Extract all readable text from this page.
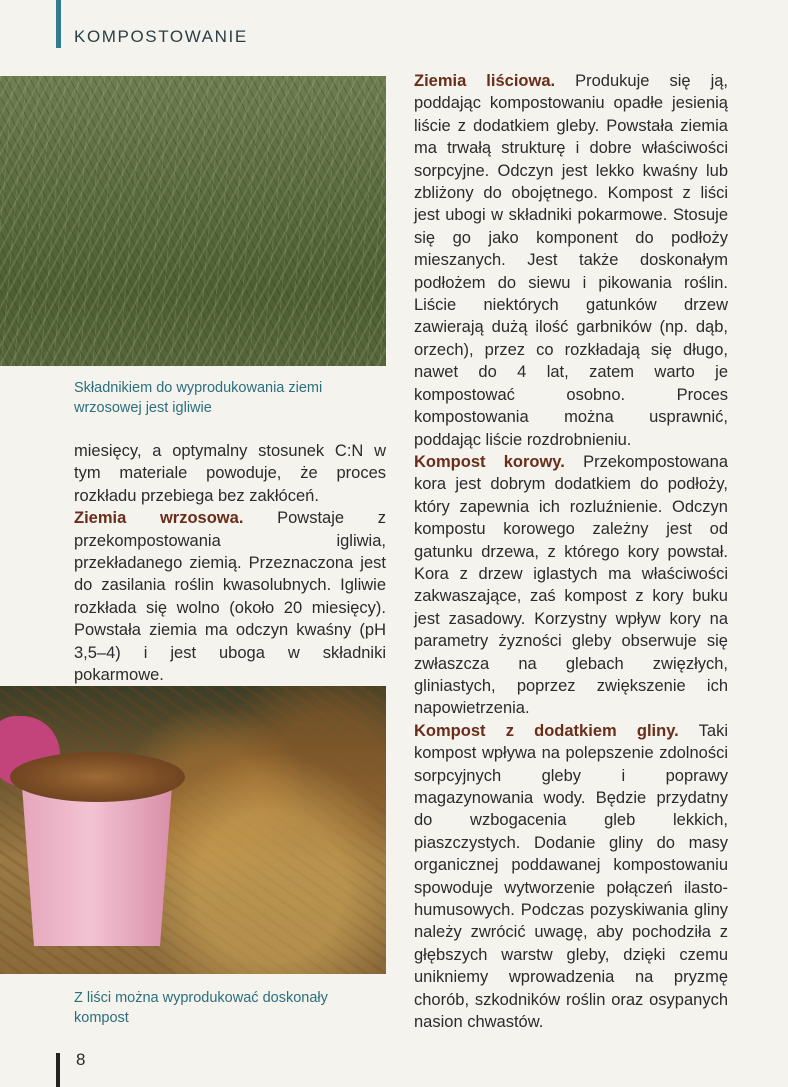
KOMPOSTOWANIE
Składnikiem do wyprodukowania ziemi wrzosowej jest igliwie

miesięcy, a optymalny stosunek C:N w tym materiale powoduje, że proces rozkładu przebiega bez zakłóceń.

Ziemia wrzosowa. Powstaje z przekompostowania igliwia, przekładanego ziemią. Przeznaczona jest do zasilania roślin kwasolubnych. Igliwie rozkłada się wolno (około 20 miesięcy). Powstała ziemia ma odczyn kwaśny (pH 3,5–4) i jest uboga w składniki pokarmowe.

Z liści można wyprodukować doskonały kompost

Ziemia liściowa. Produkuje się ją, poddając kompostowaniu opadłe jesienią liście z dodatkiem gleby. Powstała ziemia ma trwałą strukturę i dobre właściwości sorpcyjne. Odczyn jest lekko kwaśny lub zbliżony do obojętnego. Kompost z liści jest ubogi w składniki pokarmowe. Stosuje się go jako komponent do podłoży mieszanych. Jest także doskonałym podłożem do siewu i pikowania roślin. Liście niektórych gatunków drzew zawierają dużą ilość garbników (np. dąb, orzech), przez co rozkładają się długo, nawet do 4 lat, zatem warto je kompostować osobno. Proces kompostowania można usprawnić, poddając liście rozdrobnieniu.

Kompost korowy. Przekompostowana kora jest dobrym dodatkiem do podłoży, który zapewnia ich rozluźnienie. Odczyn kompostu korowego zależny jest od gatunku drzewa, z którego kory powstał. Kora z drzew iglastych ma właściwości zakwaszające, zaś kompost z kory buku jest zasadowy. Korzystny wpływ kory na parametry żyzności gleby obserwuje się zwłaszcza na glebach zwięzłych, gliniastych, poprzez zwiększenie ich napowietrzenia.

Kompost z dodatkiem gliny. Taki kompost wpływa na polepszenie zdolności sorpcyjnych gleby i poprawy magazynowania wody. Będzie przydatny do wzbogacenia gleb lekkich, piaszczystych. Dodanie gliny do masy organicznej poddawanej kompostowaniu spowoduje wytworzenie połączeń ilasto-humusowych. Podczas pozyskiwania gliny należy zwrócić uwagę, aby pochodziła z głębszych warstw gleby, dzięki czemu unikniemy wprowadzenia na pryzmę chorób, szkodników roślin oraz osypanych nasion chwastów.

8
